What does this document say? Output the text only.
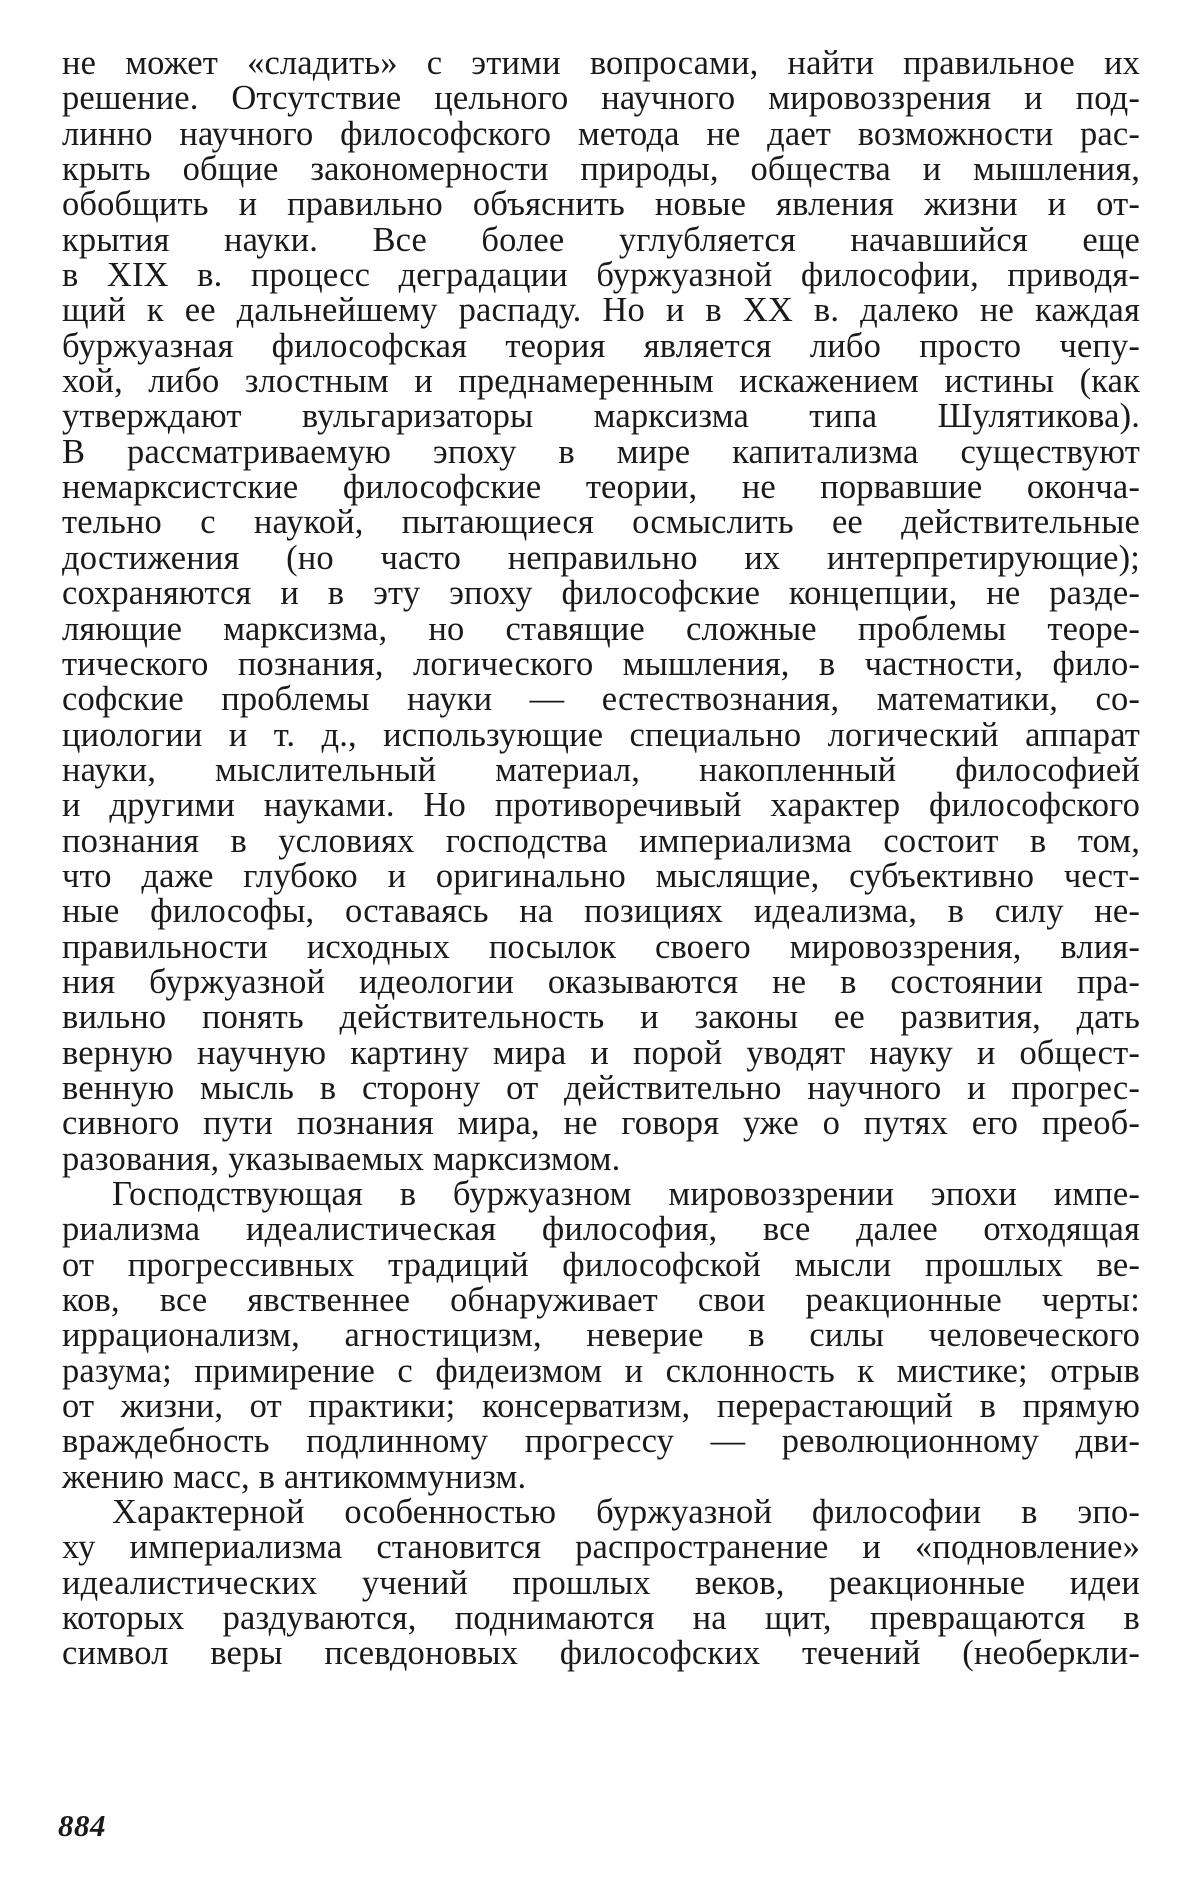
не может «сладить» с этими вопросами, найти правильное их
решение. Отсутствие цельного научного мировоззрения и под-
линно научного философского метода не дает возможности рас-
крыть общие закономерности природы, общества и мышления,
обобщить и правильно объяснить новые явления жизни и от-
крытия науки. Все более углубляется начавшийся еще
в XIX в. процесс деградации буржуазной философии, приводя-
щий к ее дальнейшему распаду. Но и в XX в. далеко не каждая
буржуазная философская теория является либо просто чепу-
хой, либо злостным и преднамеренным искажением истины (как
утверждают вульгаризаторы марксизма типа Шулятикова).
В рассматриваемую эпоху в мире капитализма существуют
немарксистские философские теории, не порвавшие оконча-
тельно с наукой, пытающиеся осмыслить ее действительные
достижения (но часто неправильно их интерпретирующие);
сохраняются и в эту эпоху философские концепции, не разде-
ляющие марксизма, но ставящие сложные проблемы теоре-
тического познания, логического мышления, в частности, фило-
софские проблемы науки — естествознания, математики, со-
циологии и т. д., использующие специально логический аппарат
науки, мыслительный материал, накопленный философией
и другими науками. Но противоречивый характер философского
познания в условиях господства империализма состоит в том,
что даже глубоко и оригинально мыслящие, субъективно чест-
ные философы, оставаясь на позициях идеализма, в силу не-
правильности исходных посылок своего мировоззрения, влия-
ния буржуазной идеологии оказываются не в состоянии пра-
вильно понять действительность и законы ее развития, дать
верную научную картину мира и порой уводят науку и общест-
венную мысль в сторону от действительно научного и прогрес-
сивного пути познания мира, не говоря уже о путях его преоб-
разования, указываемых марксизмом.
Господствующая в буржуазном мировоззрении эпохи импе-
риализма идеалистическая философия, все далее отходящая
от прогрессивных традиций философской мысли прошлых ве-
ков, все явственнее обнаруживает свои реакционные черты:
иррационализм, агностицизм, неверие в силы человеческого
разума; примирение с фидеизмом и склонность к мистике; отрыв
от жизни, от практики; консерватизм, перерастающий в прямую
враждебность подлинному прогрессу — революционному дви-
жению масс, в антикоммунизм.
Характерной особенностью буржуазной философии в эпо-
ху империализма становится распространение и «подновление»
идеалистических учений прошлых веков, реакционные идеи
которых раздуваются, поднимаются на щит, превращаются в
символ веры псевдоновых философских течений (необеркли-
884
